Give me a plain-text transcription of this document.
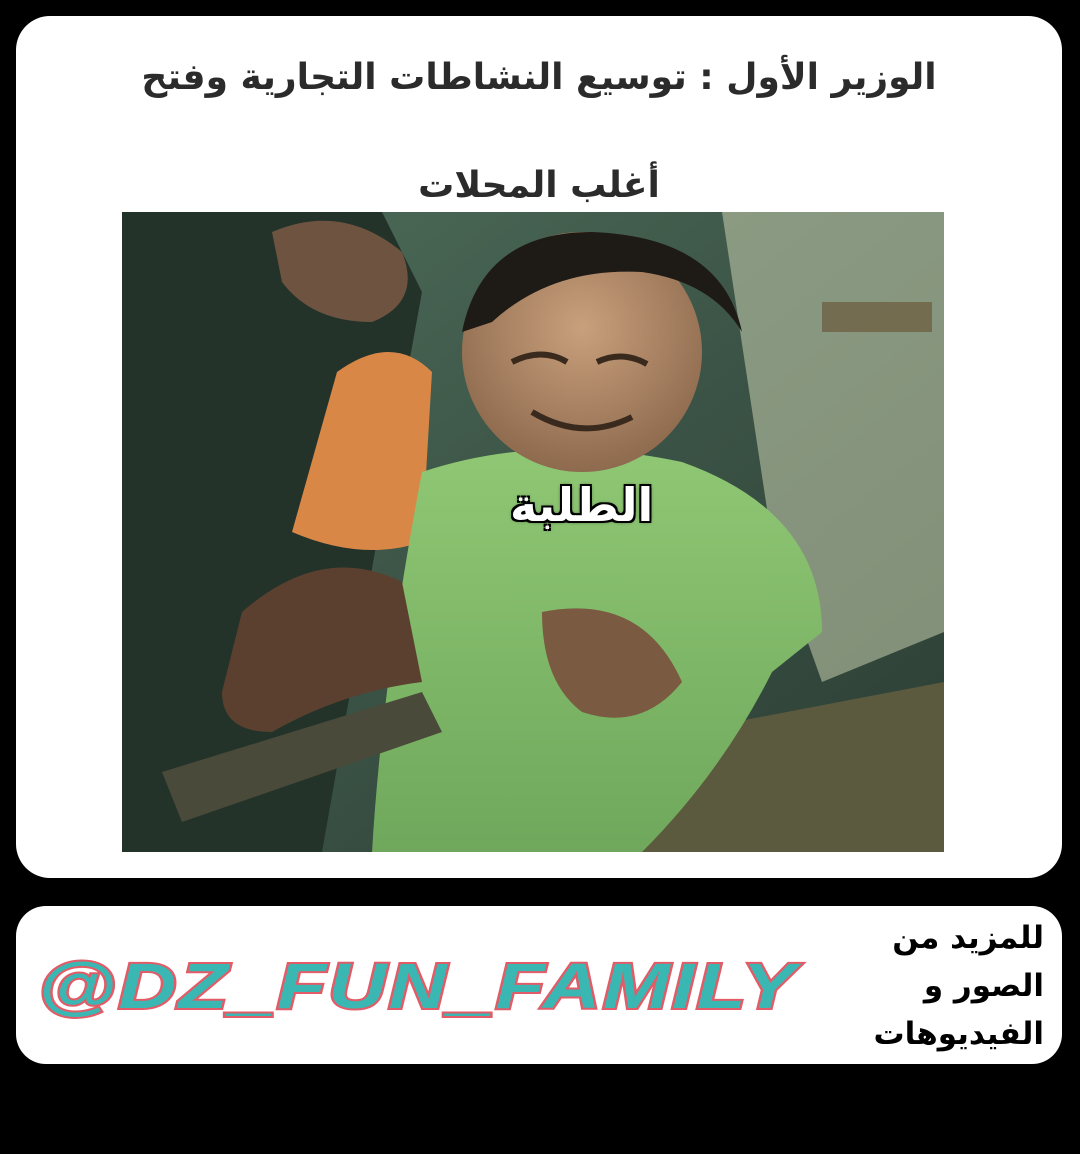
الوزير الأول : توسيع النشاطات التجارية وفتح
أغلب المحلات
الطلبة
@DZ_FUN_FAMILY
للمزيد من الصور و
الفيديوهات تابعوا
صفحتنا:
